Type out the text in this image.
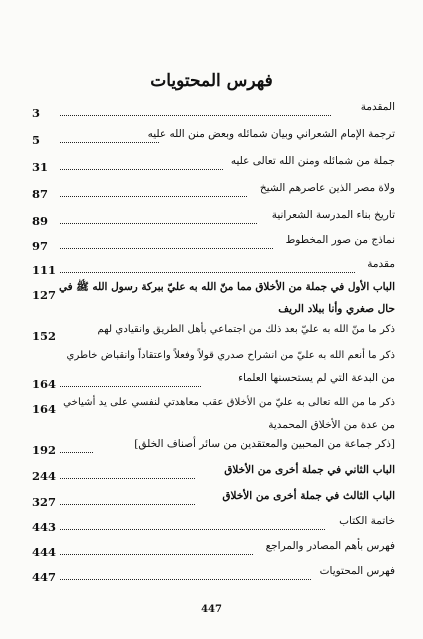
فهرس المحتويات
المقدمة
3
ترجمة الإمام الشعراني وبيان شمائله وبعض منن الله عليه
5
جملة من شمائله ومنن الله تعالى عليه
31
ولاة مصر الذين عاصرهم الشيخ
87
تاريخ بناء المدرسة الشعرانية
89
نماذج من صور المخطوط
97
مقدمة
111
الباب الأول في جملة من الأخلاق مما منّ الله به عليّ ببركة رسول الله ﷺ في
حال صغري وأنا ببلاد الريف
127
ذكر ما منّ الله به عليّ بعد ذلك من اجتماعي بأهل الطريق وانقيادي لهم
152
ذكر ما أنعم الله به عليّ من انشراح صدري قولاً وفعلاً واعتقاداً وانقباض خاطري
من البدعة التي لم يستحسنها العلماء
164
ذكر ما من الله تعالى به عليّ من الأخلاق عقب معاهدتي لنفسي على يد أشياخي
من عدة من الأخلاق المحمدية
164
[ذكر جماعة من المحبين والمعتقدين من سائر أصناف الخلق]
192
الباب الثاني في جملة أخرى من الأخلاق
244
الباب الثالث في جملة أخرى من الأخلاق
327
خاتمة الكتاب
443
فهرس بأهم المصادر والمراجع
444
فهرس المحتويات
447
447
